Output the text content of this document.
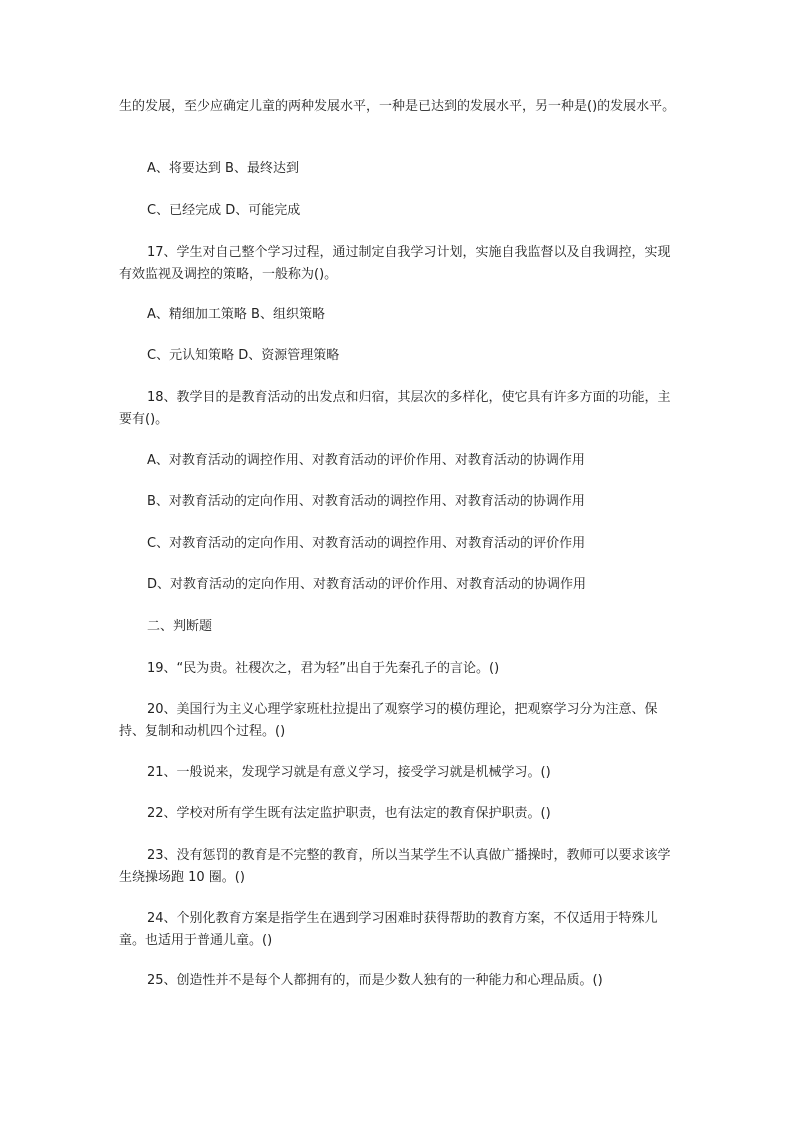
生的发展，至少应确定儿童的两种发展水平，一种是已达到的发展水平，另一种是()的发展水平。

A、将要达到 B、最终达到

C、已经完成 D、可能完成

17、学生对自己整个学习过程，通过制定自我学习计划，实施自我监督以及自我调控，实现有效监视及调控的策略，一般称为()。

A、精细加工策略 B、组织策略

C、元认知策略 D、资源管理策略

18、教学目的是教育活动的出发点和归宿，其层次的多样化，使它具有许多方面的功能，主要有()。

A、对教育活动的调控作用、对教育活动的评价作用、对教育活动的协调作用

B、对教育活动的定向作用、对教育活动的调控作用、对教育活动的协调作用

C、对教育活动的定向作用、对教育活动的调控作用、对教育活动的评价作用

D、对教育活动的定向作用、对教育活动的评价作用、对教育活动的协调作用

二、判断题

19、“民为贵。社稷次之，君为轻”出自于先秦孔子的言论。()

20、美国行为主义心理学家班杜拉提出了观察学习的模仿理论，把观察学习分为注意、保持、复制和动机四个过程。()

21、一般说来，发现学习就是有意义学习，接受学习就是机械学习。()

22、学校对所有学生既有法定监护职责，也有法定的教育保护职责。()

23、没有惩罚的教育是不完整的教育，所以当某学生不认真做广播操时，教师可以要求该学生绕操场跑 10 圈。()

24、个别化教育方案是指学生在遇到学习困难时获得帮助的教育方案，不仅适用于特殊儿童。也适用于普通儿童。()

25、创造性并不是每个人都拥有的，而是少数人独有的一种能力和心理品质。()
